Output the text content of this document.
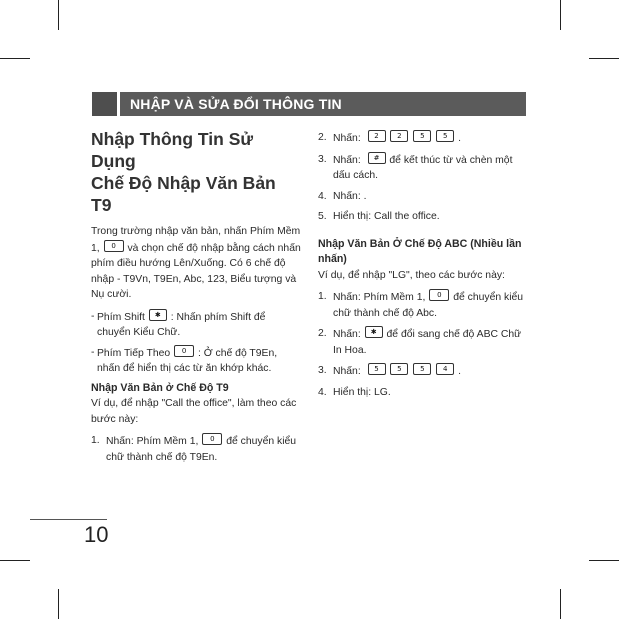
NHẬP VÀ SỬA ĐỔI THÔNG TIN
Nhập Thông Tin Sử Dụng
Chế Độ Nhập Văn Bản T9

Trong trường nhập văn bản, nhấn Phím Mềm 1, 0 và chọn chế độ nhập bằng cách nhấn phím điều hướng Lên/Xuống. Có 6 chế độ nhập - T9Vn, T9En, Abc, 123, Biểu tượng và Nụ cười.

- Phím Shift ✱ : Nhấn phím Shift để chuyển Kiểu Chữ.
- Phím Tiếp Theo 0 : Ở chế độ T9En, nhấn để hiển thị các từ ăn khớp khác.
Nhập Văn Bản ở Chế Độ T9

Ví dụ, để nhập "Call the office", làm theo các bước này:

1. Nhấn: Phím Mềm 1, 0 để chuyển kiểu chữ thành chế độ T9En.
2. Nhấn: 2	2	5	5 .
3. Nhấn: # để kết thúc từ và chèn một dấu cách.
4. Nhấn: .
5. Hiển thị: Call the office.
Nhập Văn Bản Ở Chế Độ ABC (Nhiều lần nhấn)

Ví dụ, để nhập "LG", theo các bước này:

1. Nhấn: Phím Mềm 1, 0 để chuyển kiểu chữ thành chế độ Abc.
2. Nhấn: ✱ để đổi sang chế độ ABC Chữ In Hoa.
3. Nhấn: 5	5	5	4 .
4. Hiển thị: LG.
10
